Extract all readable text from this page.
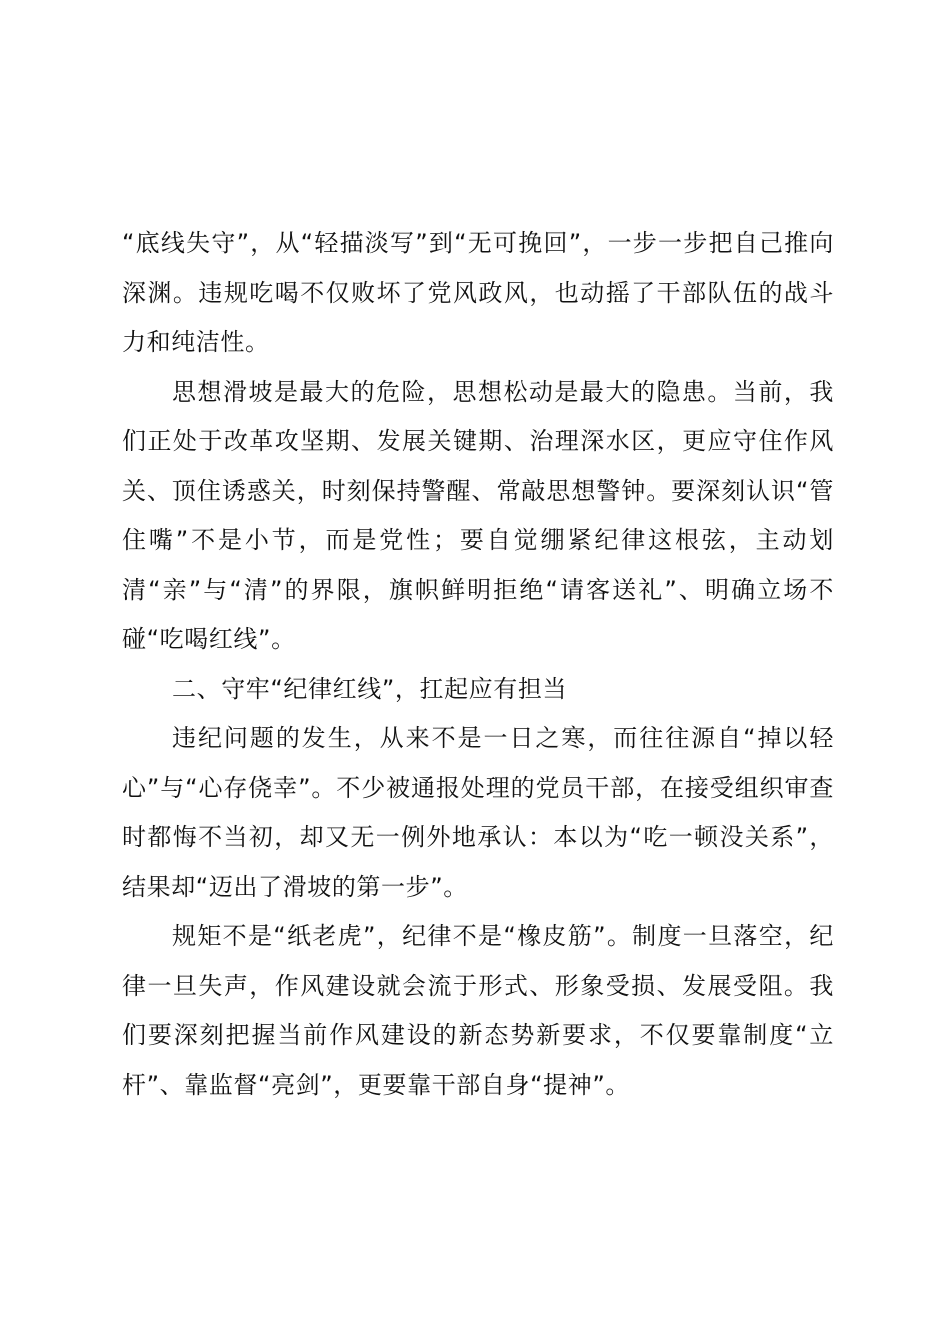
“底线失守”，从“轻描淡写”到“无可挽回”，一步一步把自己推向深渊。违规吃喝不仅败坏了党风政风，也动摇了干部队伍的战斗力和纯洁性。

思想滑坡是最大的危险，思想松动是最大的隐患。当前，我们正处于改革攻坚期、发展关键期、治理深水区，更应守住作风关、顶住诱惑关，时刻保持警醒、常敲思想警钟。要深刻认识“管住嘴”不是小节，而是党性；要自觉绷紧纪律这根弦，主动划清“亲”与“清”的界限，旗帜鲜明拒绝“请客送礼”、明确立场不碰“吃喝红线”。

二、守牢“纪律红线”，扛起应有担当

违纪问题的发生，从来不是一日之寒，而往往源自“掉以轻心”与“心存侥幸”。不少被通报处理的党员干部，在接受组织审查时都悔不当初，却又无一例外地承认：本以为“吃一顿没关系”，结果却“迈出了滑坡的第一步”。

规矩不是“纸老虎”，纪律不是“橡皮筋”。制度一旦落空，纪律一旦失声，作风建设就会流于形式、形象受损、发展受阻。我们要深刻把握当前作风建设的新态势新要求，不仅要靠制度“立杆”、靠监督“亮剑”，更要靠干部自身“提神”。
